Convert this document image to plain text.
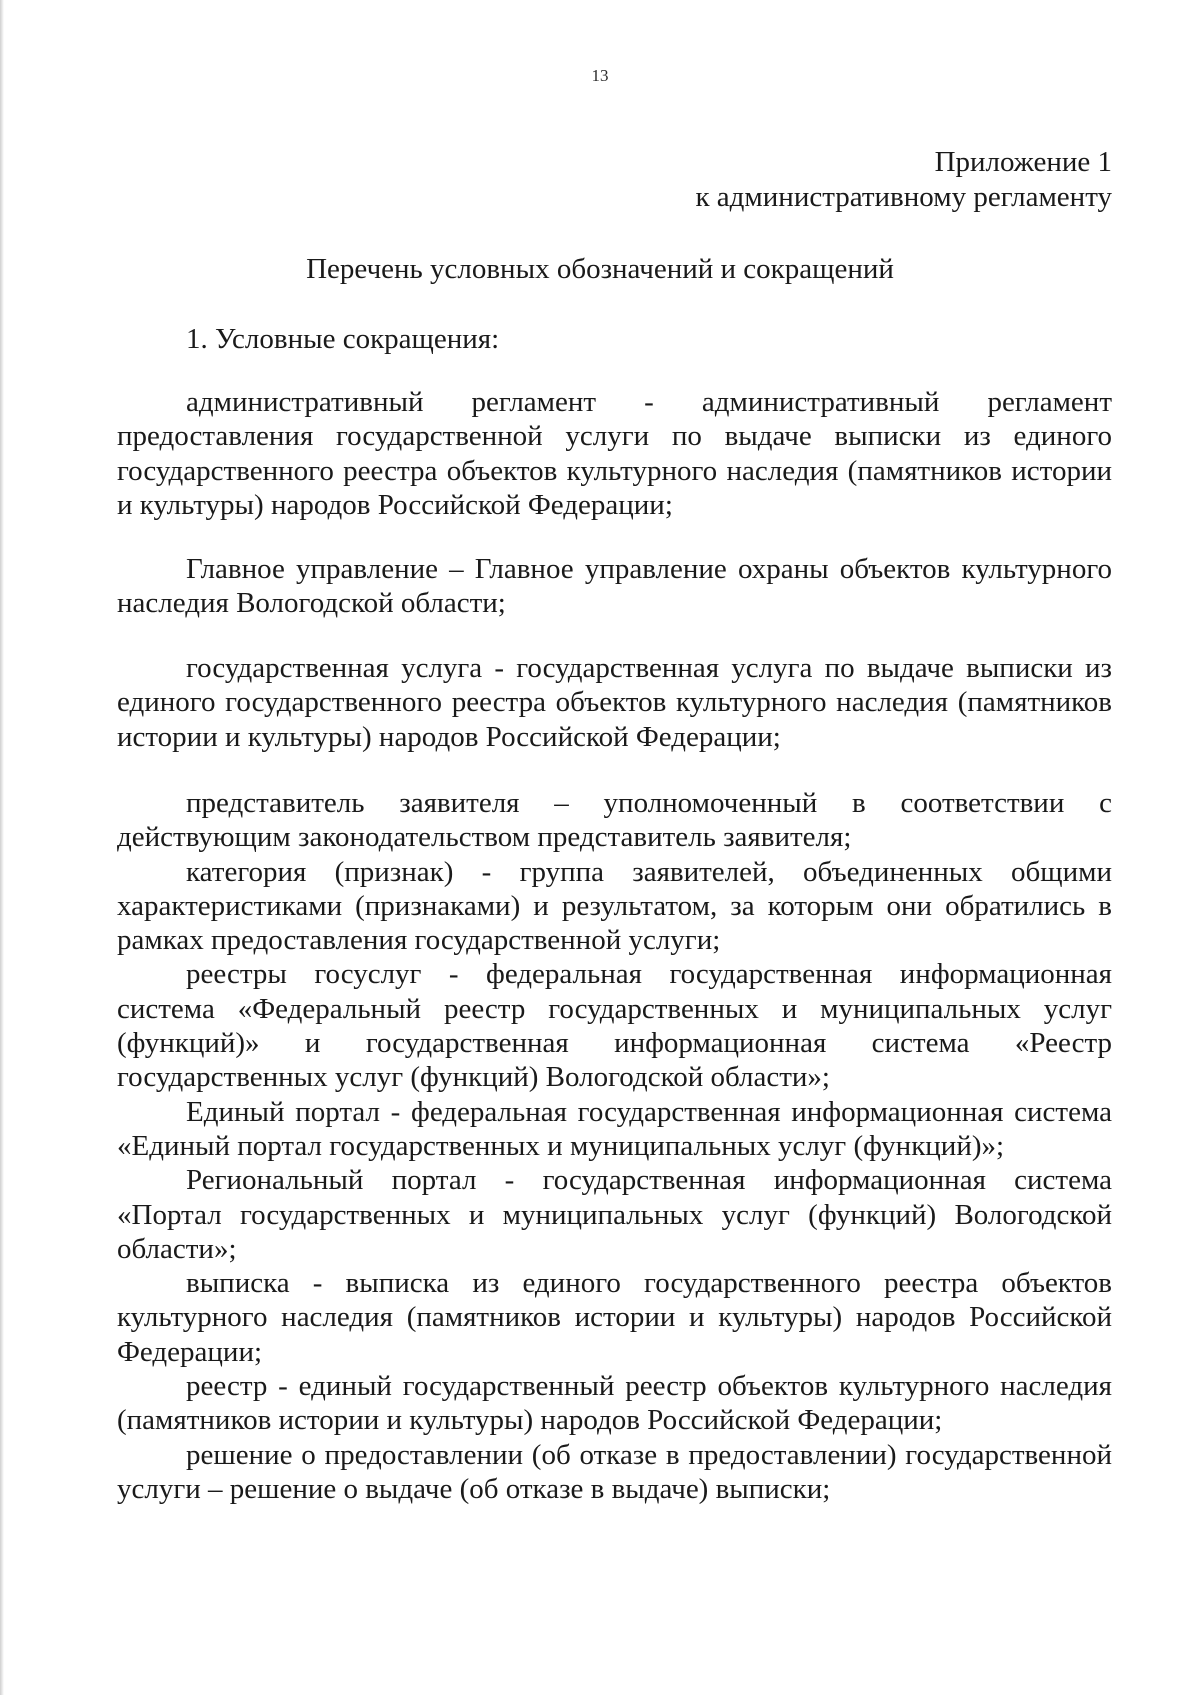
13
Приложение 1
к административному регламенту
Перечень условных обозначений и сокращений
1. Условные сокращения:

административный регламент - административный регламент предоставления государственной услуги по выдаче выписки из единого государственного реестра объектов культурного наследия (памятников истории и культуры) народов Российской Федерации;

Главное управление – Главное управление охраны объектов культурного наследия Вологодской области;

государственная услуга - государственная услуга по выдаче выписки из единого государственного реестра объектов культурного наследия (памятников истории и культуры) народов Российской Федерации;

представитель заявителя – уполномоченный в соответствии с действующим законодательством представитель заявителя;

категория (признак) - группа заявителей, объединенных общими характеристиками (признаками) и результатом, за которым они обратились в рамках предоставления государственной услуги;

реестры госуслуг - федеральная государственная информационная система «Федеральный реестр государственных и муниципальных услуг (функций)» и государственная информационная система «Реестр государственных услуг (функций) Вологодской области»;

Единый портал - федеральная государственная информационная система «Единый портал государственных и муниципальных услуг (функций)»;

Региональный портал - государственная информационная система «Портал государственных и муниципальных услуг (функций) Вологодской области»;

выписка - выписка из единого государственного реестра объектов культурного наследия (памятников истории и культуры) народов Российской Федерации;

реестр - единый государственный реестр объектов культурного наследия (памятников истории и культуры) народов Российской Федерации;

решение о предоставлении (об отказе в предоставлении) государственной услуги – решение о выдаче (об отказе в выдаче) выписки;
